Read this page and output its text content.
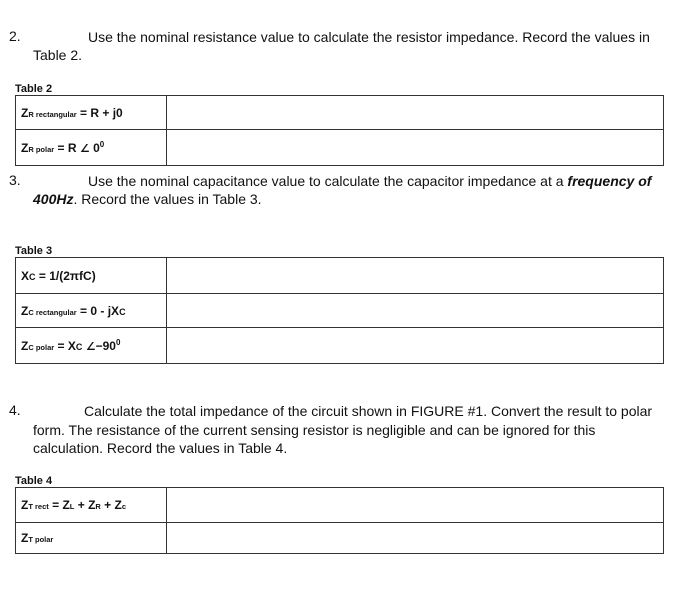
2.	Use the nominal resistance value to calculate the resistor impedance. Record the values in
Table 2.
Table 2
ZR rectangular = R + j0	
ZR polar = R ∠ $0^0$	
3.	Use the nominal capacitance value to calculate the capacitor impedance at a frequency of
400Hz. Record the values in Table 3.
Table 3
XC = 1/(2πfC)	
ZC rectangular = 0 - jXC	
ZC polar = XC $\angle-90^0$	
4.	Calculate the total impedance of the circuit shown in FIGURE #1. Convert the result to polar
form. The resistance of the current sensing resistor is negligible and can be ignored for this
calculation. Record the values in Table 4.
Table 4
ZT rect = ZL + ZR + Zc	
ZT polar	
